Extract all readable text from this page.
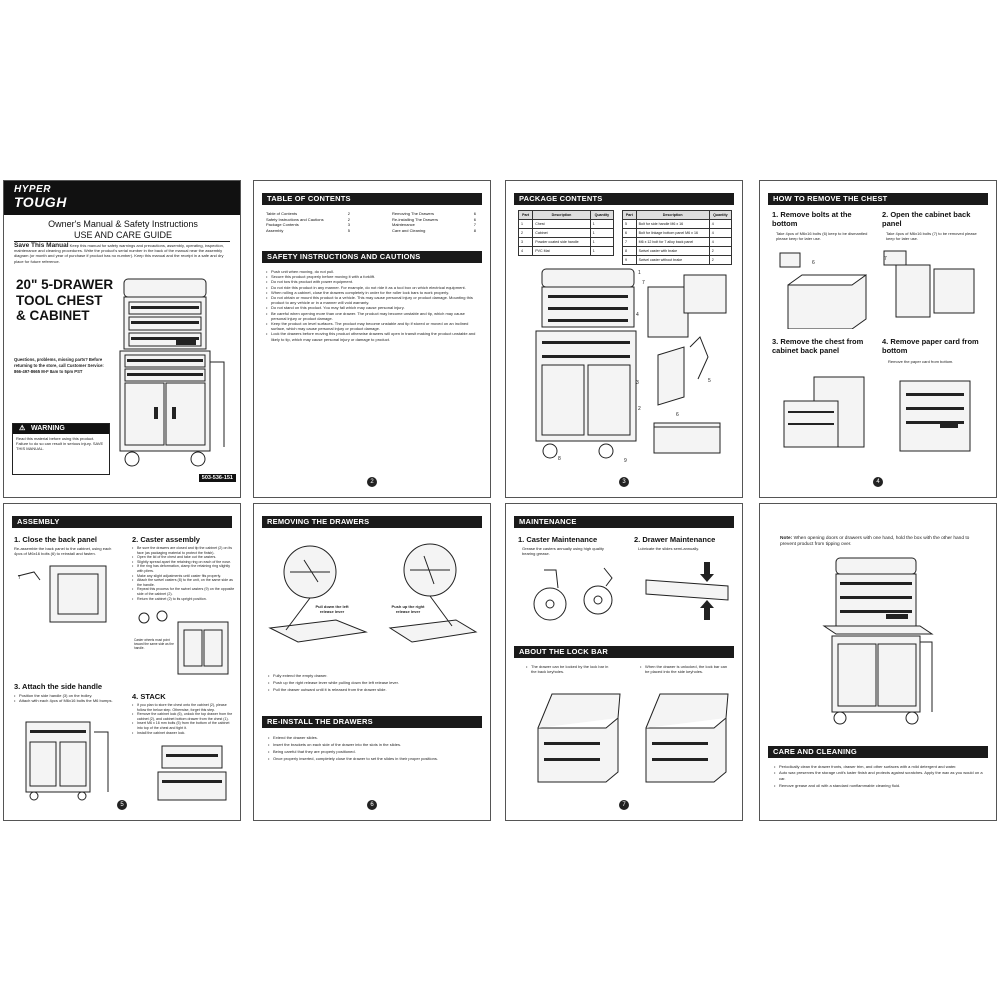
HYPER
TOUGH
Owner's Manual & Safety Instructions
USE AND CARE GUIDE
Save This Manual Keep this manual for safety warnings and precautions, assembly, operating, inspection, maintenance and cleaning procedures. Write the product's serial number in the back of the manual near the assembly diagram (or month and year of purchase if product has no number). Keep this manual and the receipt in a safe and dry place for future reference.
20" 5-DRAWER
TOOL CHEST
& CABINET
Questions, problems, missing parts? Before returning to the store, call Customer Service: 866-497-8665 M-F 8am to 5pm PST
⚠ WARNING
Read this material before using this product. Failure to do so can result in serious injury. SAVE THIS MANUAL.
503-536-151
TABLE OF CONTENTS
Table of Contents	2
Safety Instructions and Cautions	2
Package Contents	3
Assembly	5
Removing The Drawers	6
Re-installing The Drawers	6
Maintenance	7
Care and Cleaning	8
SAFETY INSTRUCTIONS AND CAUTIONS
• Push unit when moving, do not pull.
• Secure this product properly before moving it with a forklift.
• Do not tow this product with power equipment.
• Do not ride this product in any manner. For example, do not ride it as a tool box on which electrical equipment.
• When rolling a cabinet, close the drawers completely in order for the roller lock bars to work properly.
• Do not obtain or mount this product to a vehicle. This may cause personal injury or product damage. Mounting this product to any vehicle or in a manner will void warranty.
• Do not stand on this product. You may fall which may cause personal injury.
• Be careful when opening more than one drawer. The product may become unstable and tip, which may cause personal injury or product damage.
• Keep the product on level surfaces. The product may become unstable and tip if stored or moved on an inclined surface, which may cause personal injury or product damage.
• Lock the drawers before moving this product otherwise drawers will open in transit making the product unstable and likely to tip, which may cause personal injury or damage to product.
2
PACKAGE CONTENTS
Part	Description	Quantity
1	Chest	1
2	Cabinet	1
3	Powder coated side handle	1
4	PVC Mat	1
Part	Description	Quantity
5	Bolt for side handle M6 x 16	4
6	Bolt for linkage bottom panel M6 x 16	4
7	M6 x 12 bolt for 7 alloy back panel	4
8	Swivel caster with brake	2
9	Swivel caster without brake	2
1
2
3
4
5
6
7
8	9
3
HOW TO REMOVE THE CHEST
1. Remove bolts at the bottom
Take 4pcs of M6x16 bolts (6) keep to be dismantled please keep for later use.
2. Open the cabinet back panel
Take 4pcs of M6x16 bolts (7) to be removed please keep for later use.
6
7
3. Remove the chest from cabinet back panel
4. Remove paper card from bottom
Remove the paper card from bottom.
4
ASSEMBLY
1. Close the back panel
Re-assemble the back panel to the cabinet, using each 4pcs of M6x16 bolts (6) to reinstall and fasten.
7
2. Caster assembly
• Be sure the drawers are closed and tip the cabinet (2) on its face (as packaging material to protect the finish).
• Open the lid of the chest and take out the casters.
• Slightly spread apart the retaining ring on each of the nose.
• If the ring has deformation, clamp the retaining ring slightly with pliers.
• Make any slight adjustments until caster fits properly.
• Attach the swivel casters (8) to the unit, on the same side as the handle.
• Repeat this process for the swivel casters (9) on the opposite side of the cabinet (2).
• Return the cabinet (2) to its upright position.
Caster wheels must point toward the same side as the handle.
3. Attach the side handle
• Position the side handle (3) on the trolley.
• Attach with each 4pcs of M6x16 bolts the M6 bumps.	4. STACK
• If you plan to store the chest onto the cabinet (2), please follow the below step. Otherwise, forget this step.
• Remove the cabinet lock (6), unlock the top drawer from the cabinet (2), and cabinet bottom drawer from the chest (1).
• Insert M6 x 16 mm bolts (5) from the bottom of the cabinet into top of the chest and tight it.
• Install the cabinet drawer lock.
5
REMOVING THE DRAWERS
Pull down the left release lever
Push up the right release lever
• Fully extend the empty drawer.
• Push up the right release lever while pulling down the left release lever.
• Pull the drawer outward until it is released from the drawer slide.
RE-INSTALL THE DRAWERS
• Extend the drawer slides.
• Insert the brackets on each side of the drawer into the slots in the slides.
• Being careful that they are properly positioned.
• Once properly inserted, completely close the drawer to set the slides in their proper positions.
6
MAINTENANCE
1. Caster Maintenance
Grease the casters annually using high quality bearing grease.
2. Drawer Maintenance
Lubricate the slides semi-annually.
ABOUT THE LOCK BAR
• The drawer can be locked by the lock bar in the back keyholes.
• When the drawer is unlocked, the lock bar can be placed into the side keyholes.
7
Note: When opening doors or drawers with one hand, hold the box with the other hand to prevent product from tipping over.
CARE AND CLEANING
• Periodically clean the drawer fronts, drawer trim, and other surfaces with a mild detergent and water.
• Auto wax preserves the storage unit's luster finish and protects against scratches. Apply the wax as you would on a car.
• Remove grease and oil with a standard nonflammable cleaning fluid.
